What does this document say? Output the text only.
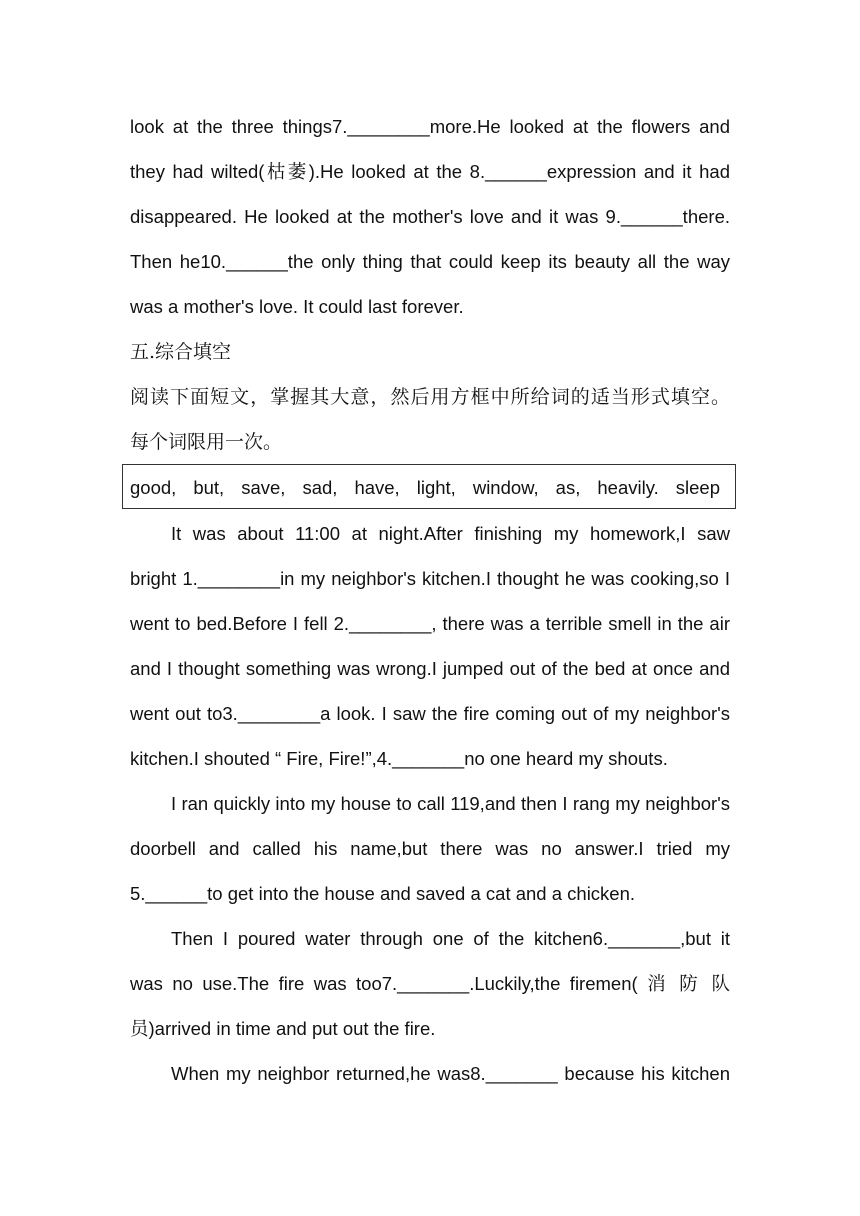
look at the three things7.________more.He looked at the flowers and
they had wilted(枯萎).He looked at the 8.______expression and it had
disappeared. He looked at the mother's love and it was 9.______there.
Then he10.______the only thing that could keep its beauty all the way
was a mother's love. It could last forever.
五.综合填空
阅读下面短文，掌握其大意，然后用方框中所给词的适当形式填空。
每个词限用一次。
good, but, save, sad, have, light, window, as, heavily. sleep
It was about 11:00 at night.After finishing my homework,I saw
bright 1.________in my neighbor's kitchen.I thought he was cooking,so I
went to bed.Before I fell 2.________, there was a terrible smell in the air
and I thought something was wrong.I jumped out of the bed at once and
went out to3.________a look. I saw the fire coming out of my neighbor's
kitchen.I shouted “ Fire, Fire!”,4._______no one heard my shouts.
I ran quickly into my house to call 119,and then I rang my neighbor's
doorbell and called his name,but there was no answer.I tried my
5.______to get into the house and saved a cat and a chicken.
Then I poured water through one of the kitchen6._______,but it
was no use.The fire was too7._______.Luckily,the firemen( 消 防 队
员)arrived in time and put out the fire.
When my neighbor returned,he was8._______ because his kitchen
